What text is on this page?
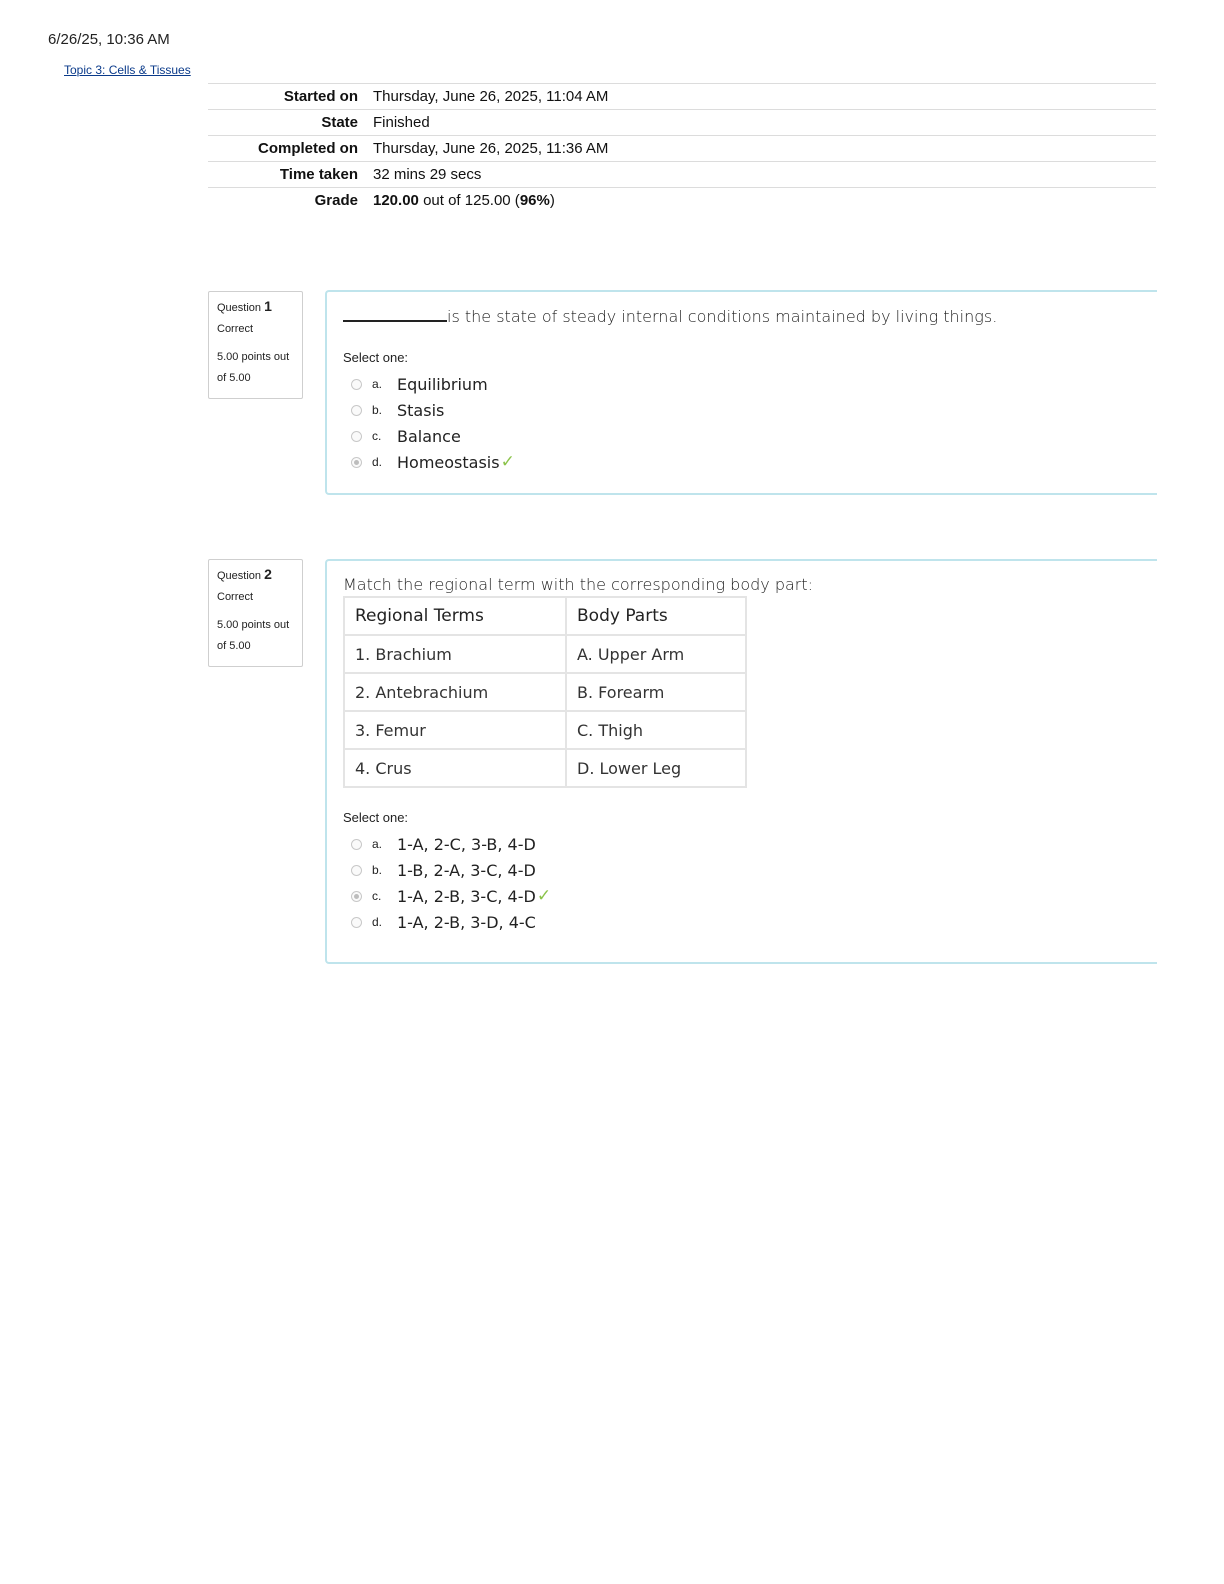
6/26/25, 10:36 AM
Topic 3: Cells & Tissues
Started on Thursday, June 26, 2025, 11:04 AM
State Finished
Completed on Thursday, June 26, 2025, 11:36 AM
Time taken 32 mins 29 secs
Grade 120.00 out of 125.00 (96%)
Question 1
Correct
5.00 points out of 5.00
is the state of steady internal conditions maintained by living things.
Select one:
a. Equilibrium
b. Stasis
c. Balance
d. Homeostasis ✓
Question 2
Correct
5.00 points out of 5.00
Match the regional term with the corresponding body part:
Regional Terms	Body Parts
1. Brachium	A. Upper Arm
2. Antebrachium	B. Forearm
3. Femur	C. Thigh
4. Crus	D. Lower Leg
Select one:
a. 1-A, 2-C, 3-B, 4-D
b. 1-B, 2-A, 3-C, 4-D
c. 1-A, 2-B, 3-C, 4-D ✓
d. 1-A, 2-B, 3-D, 4-C
